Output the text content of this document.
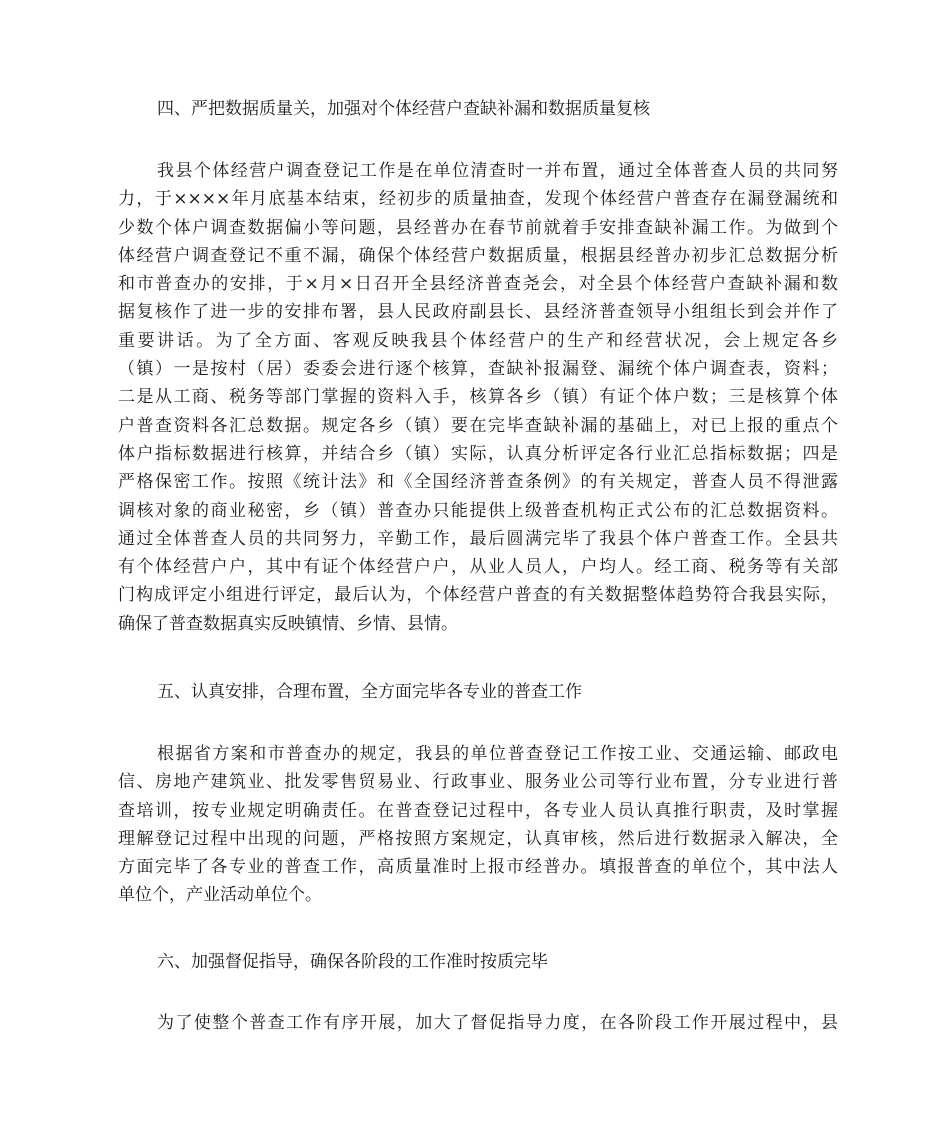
四、严把数据质量关，加强对个体经营户查缺补漏和数据质量复核
我县个体经营户调查登记工作是在单位清查时一并布置，通过全体普查人员的共同努
力，于××××年月底基本结束，经初步的质量抽查，发现个体经营户普查存在漏登漏统和
少数个体户调查数据偏小等问题，县经普办在春节前就着手安排查缺补漏工作。为做到个
体经营户调查登记不重不漏，确保个体经营户数据质量，根据县经普办初步汇总数据分析
和市普查办的安排，于×月×日召开全县经济普查尧会，对全县个体经营户查缺补漏和数
据复核作了进一步的安排布署，县人民政府副县长、县经济普查领导小组组长到会并作了
重要讲话。为了全方面、客观反映我县个体经营户的生产和经营状况，会上规定各乡
（镇）一是按村（居）委委会进行逐个核算，查缺补报漏登、漏统个体户调查表，资料；
二是从工商、税务等部门掌握的资料入手，核算各乡（镇）有证个体户数；三是核算个体
户普查资料各汇总数据。规定各乡（镇）要在完毕查缺补漏的基础上，对已上报的重点个
体户指标数据进行核算，并结合乡（镇）实际，认真分析评定各行业汇总指标数据；四是
严格保密工作。按照《统计法》和《全国经济普查条例》的有关规定，普查人员不得泄露
调核对象的商业秘密，乡（镇）普查办只能提供上级普查机构正式公布的汇总数据资料。
通过全体普查人员的共同努力，辛勤工作，最后圆满完毕了我县个体户普查工作。全县共
有个体经营户户，其中有证个体经营户户，从业人员人，户均人。经工商、税务等有关部
门构成评定小组进行评定，最后认为，个体经营户普查的有关数据整体趋势符合我县实际，
确保了普查数据真实反映镇情、乡情、县情。
五、认真安排，合理布置，全方面完毕各专业的普查工作
根据省方案和市普查办的规定，我县的单位普查登记工作按工业、交通运输、邮政电
信、房地产建筑业、批发零售贸易业、行政事业、服务业公司等行业布置，分专业进行普
查培训，按专业规定明确责任。在普查登记过程中，各专业人员认真推行职责，及时掌握
理解登记过程中出现的问题，严格按照方案规定，认真审核，然后进行数据录入解决，全
方面完毕了各专业的普查工作，高质量准时上报市经普办。填报普查的单位个，其中法人
单位个，产业活动单位个。
六、加强督促指导，确保各阶段的工作准时按质完毕
为了使整个普查工作有序开展，加大了督促指导力度，在各阶段工作开展过程中，县
